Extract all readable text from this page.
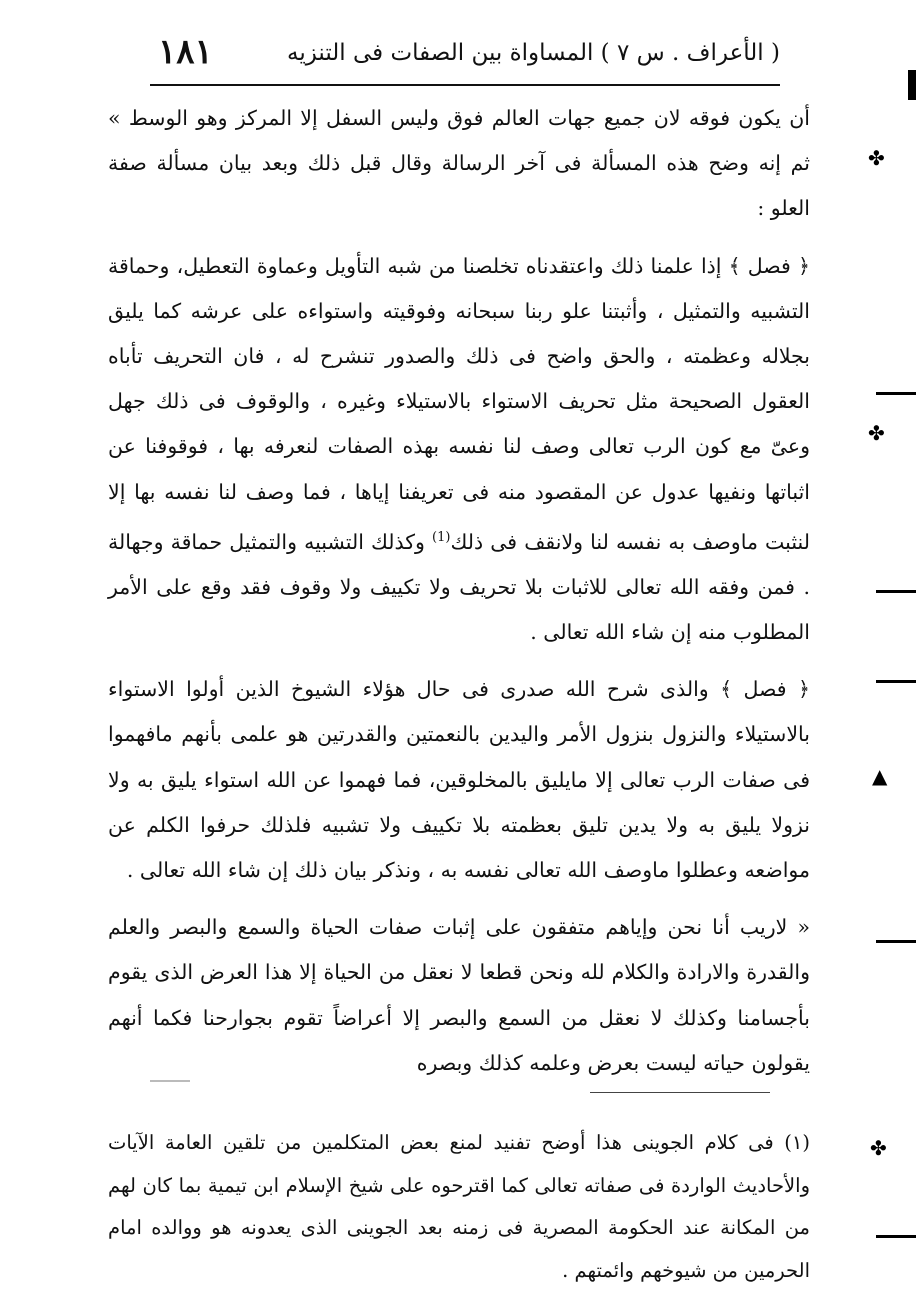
( الأعراف . س ٧ ) المساواة بين الصفات فى التنزيه
١٨١

أن يكون فوقه لان جميع جهات العالم فوق وليس السفل إلا المركز وهو الوسط » ثم إنه وضح هذه المسألة فى آخر الرسالة وقال قبل ذلك وبعد بيان مسألة صفة العلو :

﴿ فصل ﴾ إذا علمنا ذلك واعتقدناه تخلصنا من شبه التأويل وعماوة التعطيل، وحماقة التشبيه والتمثيل ، وأثبتنا علو ربنا سبحانه وفوقيته واستواءه على عرشه كما يليق بجلاله وعظمته ، والحق واضح فى ذلك والصدور تنشرح له ، فان التحريف تأباه العقول الصحيحة مثل تحريف الاستواء بالاستيلاء وغيره ، والوقوف فى ذلك جهل وعىّ مع كون الرب تعالى وصف لنا نفسه بهذه الصفات لنعرفه بها ، فوقوفنا عن اثباتها ونفيها عدول عن المقصود منه فى تعريفنا إياها ، فما وصف لنا نفسه بها إلا لنثبت ماوصف به نفسه لنا ولانقف فى ذلك$^{(1)}$ وكذلك التشبيه والتمثيل حماقة وجهالة . فمن وفقه الله تعالى للاثبات بلا تحريف ولا تكييف ولا وقوف فقد وقع على الأمر المطلوب منه إن شاء الله تعالى .

﴿ فصل ﴾ والذى شرح الله صدرى فى حال هؤلاء الشيوخ الذين أولوا الاستواء بالاستيلاء والنزول بنزول الأمر واليدين بالنعمتين والقدرتين هو علمى بأنهم مافهموا فى صفات الرب تعالى إلا مايليق بالمخلوقين، فما فهموا عن الله استواء يليق به ولا نزولا يليق به ولا يدين تليق بعظمته بلا تكييف ولا تشبيه فلذلك حرفوا الكلم عن مواضعه وعطلوا ماوصف الله تعالى نفسه به ، ونذكر بيان ذلك إن شاء الله تعالى .

« لاريب أنا نحن وإياهم متفقون على إثبات صفات الحياة والسمع والبصر والعلم والقدرة والارادة والكلام لله ونحن قطعا لا نعقل من الحياة إلا هذا العرض الذى يقوم بأجسامنا وكذلك لا نعقل من السمع والبصر إلا أعراضاً تقوم بجوارحنا فكما أنهم يقولون حياته ليست بعرض وعلمه كذلك وبصره

(١) فى كلام الجوينى هذا أوضح تفنيد لمنع بعض المتكلمين من تلقين العامة الآيات والأحاديث الواردة فى صفاته تعالى كما اقترحوه على شيخ الإسلام ابن تيمية بما كان لهم من المكانة عند الحكومة المصرية فى زمنه بعد الجوينى الذى يعدونه هو ووالده امام الحرمين من شيوخهم وائمتهم .

✤
✤
▲
✤
